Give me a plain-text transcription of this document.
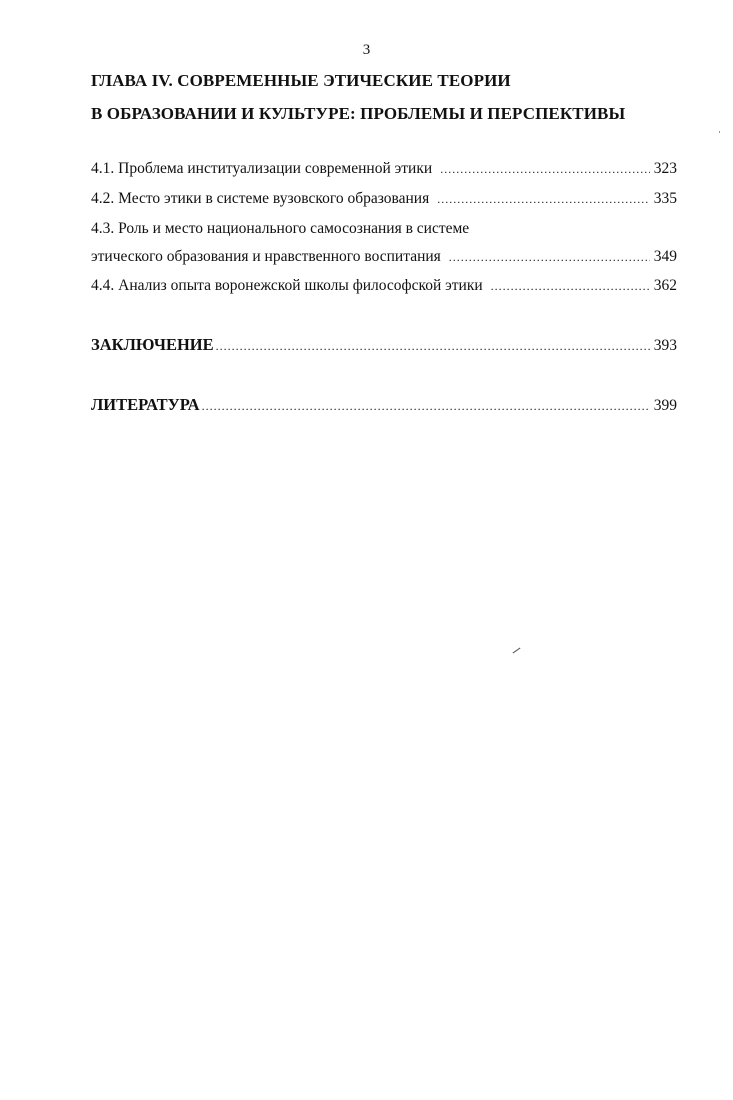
3
ГЛАВА IV. СОВРЕМЕННЫЕ ЭТИЧЕСКИЕ ТЕОРИИ
В ОБРАЗОВАНИИ И КУЛЬТУРЕ: ПРОБЛЕМЫ И ПЕРСПЕКТИВЫ
4.1. Проблема институализации современной этики .....	323
4.2. Место этики в системе вузовского образования .....	335
4.3. Роль и место национального самосознания в системе
этического образования и нравственного воспитания .....	349
4.4. Анализ опыта воронежской школы философской этики .....	362
ЗАКЛЮЧЕНИЕ .....	393
ЛИТЕРАТУРА .....	399
